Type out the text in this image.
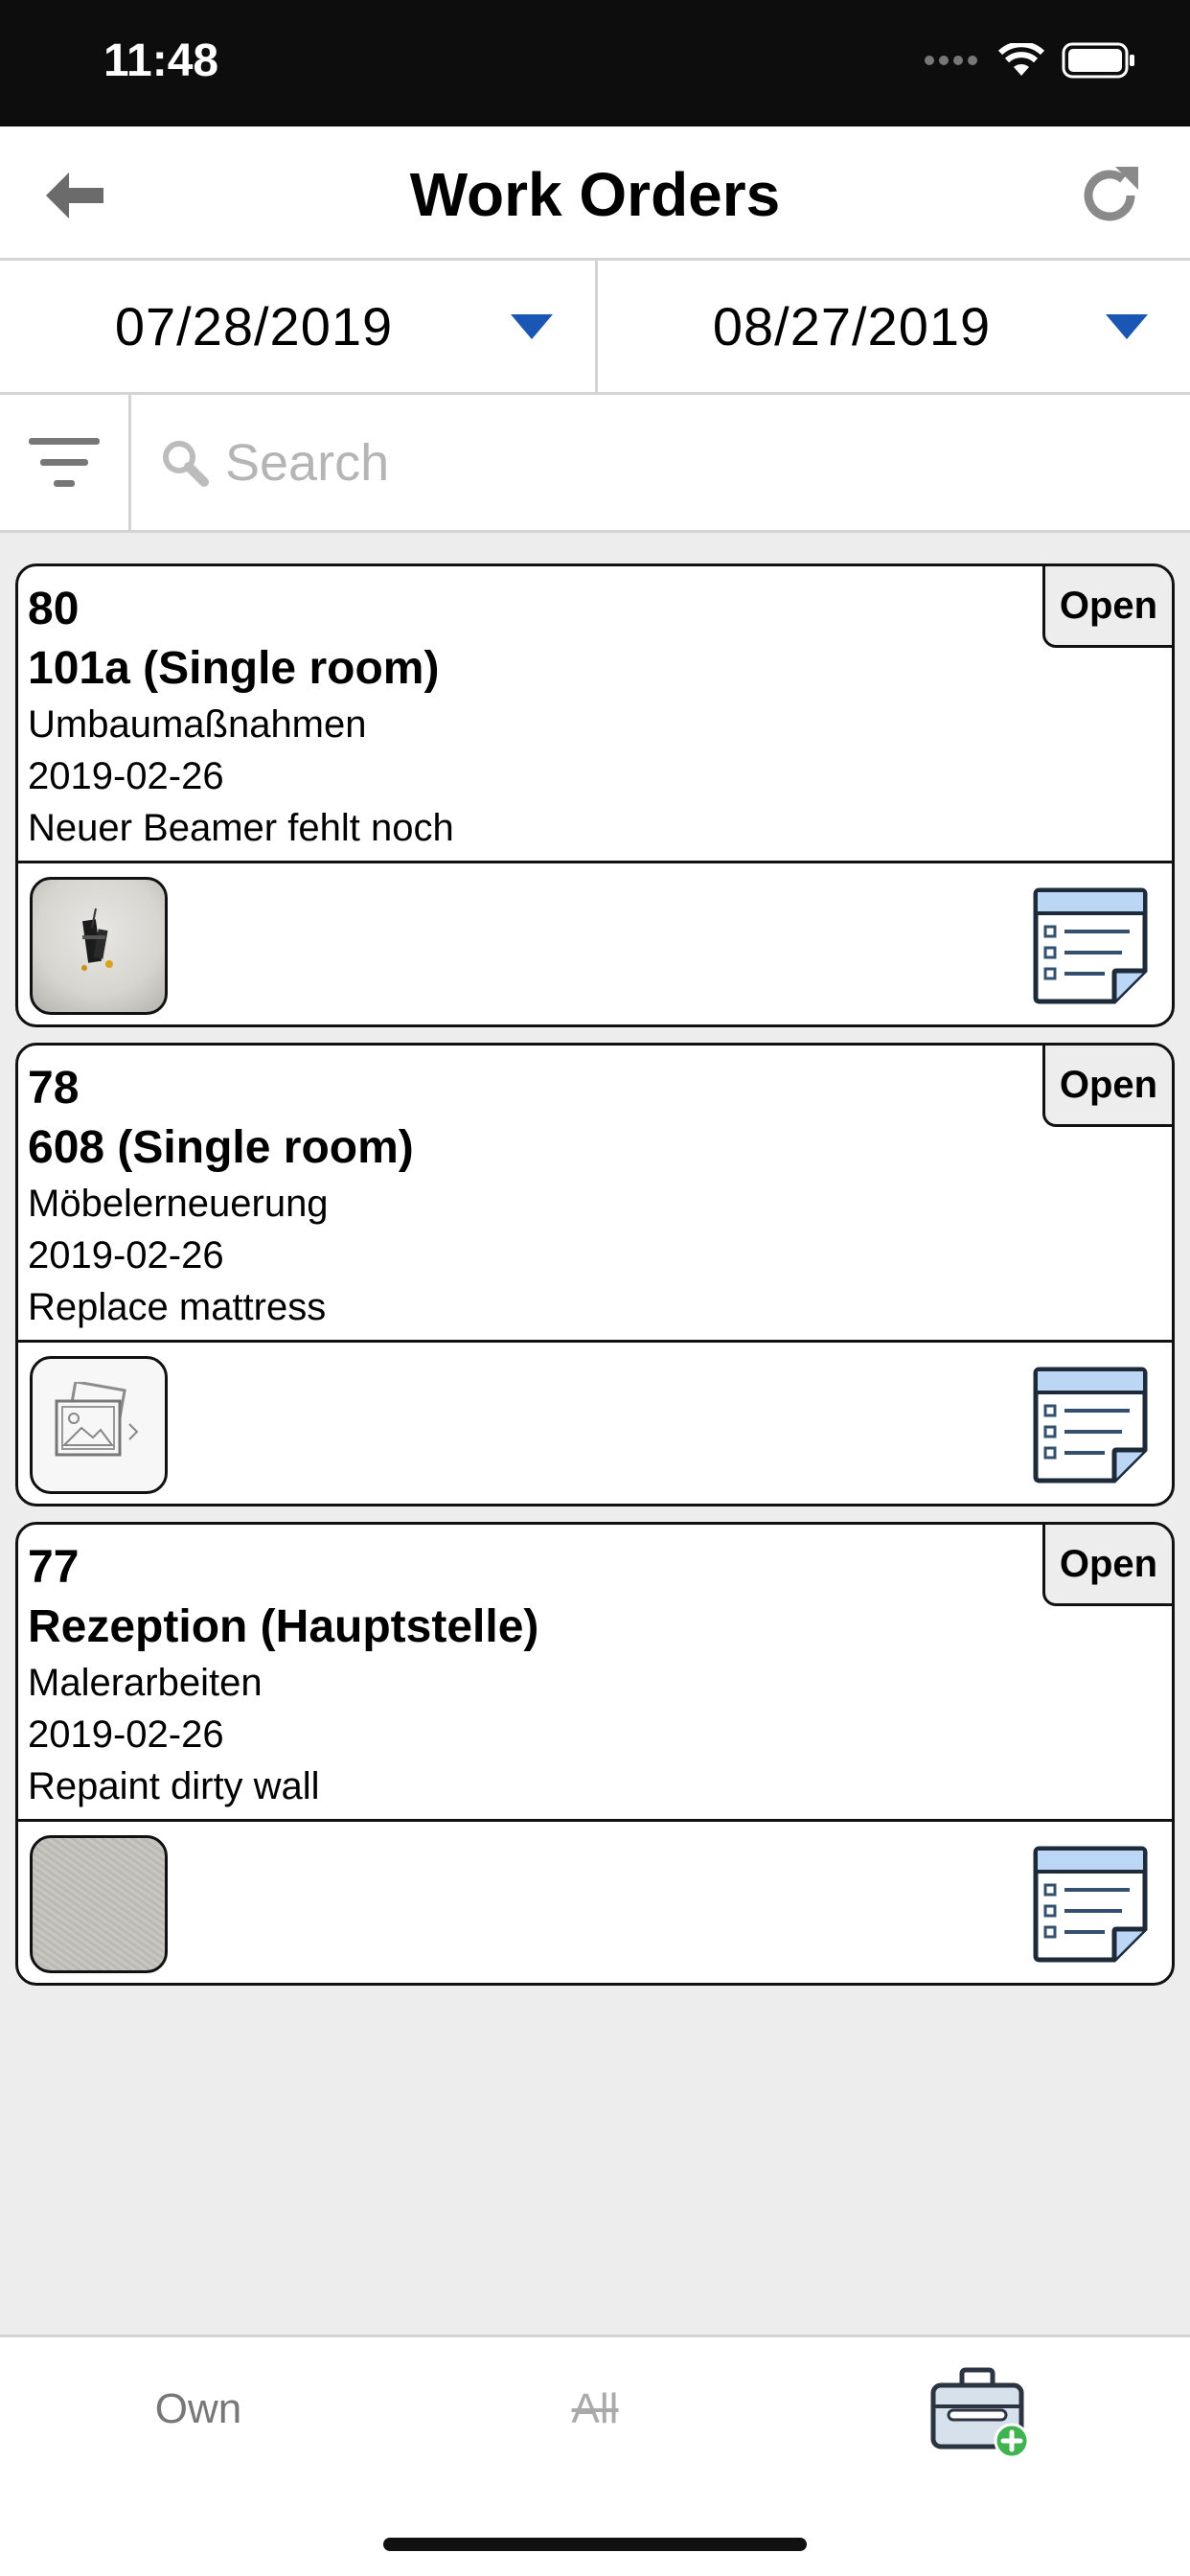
11:48
Work Orders
07/28/2019	08/27/2019
Search
80
101a (Single room)
Umbaumaßnahmen
2019-02-26
Neuer Beamer fehlt noch
Open
78
608 (Single room)
Möbelerneuerung
2019-02-26
Replace mattress
Open
77
Rezeption (Hauptstelle)
Malerarbeiten
2019-02-26
Repaint dirty wall
Open
Own	All
